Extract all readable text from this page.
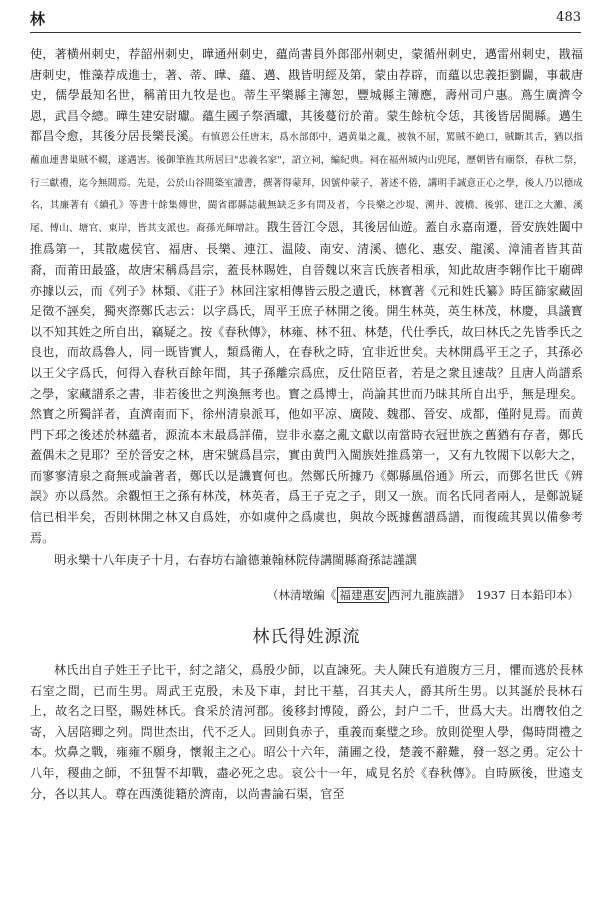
林	483

使，著横州刺史，荐韶州刺史，曄通州刺史，蘊尚書員外郎邵州刺史，蒙循州刺史，邁雷州刺史，戡福唐刺史，惟藻荐成進士，著、蒂、曄、蘊、邁、戡皆明經及第，蒙由荐辟，而蘊以忠義拒劉闢，事載唐史，儒學最知名世，稱莆田九牧是也。蒂生平樂縣主簿恕，豐城縣主簿應，壽州司户惠。蔦生廣濟令恩，武昌令總。曄生建安尉瓛。蘊生國子祭酒瓛，其後蔓衍於莆。蒙生餘杭令恁，其後皆居閩縣。邁生都昌令愈，其後分居長樂長溪。有慎恩公任唐末，爲水部郎中，遇黄巢之亂，被執不屈，罵賊不絶口，賊斷其舌，猶以指蘸血連書巢賊不輟，遂遇害。後御筆旌其所居曰"忠義名家"，詔立祠，編紀典。祠在福州城内山兜尾，歷朝皆有廟祭，春秋二祭，行三獻禮，迄今無間焉。先是，公於山谷間築室讀書，撰著得蒙拜，因號仲蒙子，著述不倦，講明手誠意正心之學，後人乃以德成名，其廉著有《續孔》等書十餘集傳世，閩省郡縣誌載無缺乏多有問及者，今長樂之沙堤、溯井、渡橋、後郭、建江之大灘、溪尾、傅山、塘官、東岸，皆其支派也。裔孫光輝增註。戡生晉江令恩，其後居仙遊。蓋自永嘉南遷，晉安族姓闔中推爲第一，其散處侯官、福唐、長樂、連江、温陵、南安、清溪、德化、惠安、龍溪、漳浦者皆其苗裔，而莆田最盛，故唐宋稱爲昌宗，蓋長林賜姓，自晉魏以來言氏族者相承，知此故唐李翱作比干廟碑亦據以云，而《列子》林類、《莊子》林回注家相傳皆云殷之遺氏，林寳著《元和姓氏纂》時匡篩家藏固足徵不誣矣，獨夾漈鄭氏志云：以字爲氏，周平王庶子林開之後。開生林英，英生林茂，林慶，具議寳以不知其姓之所自出，竊疑之。按《春秋傳》，林雍、林不狃、林楚，代仕季氏，故曰林氏之先皆季氏之良也，而故爲魯人，同一既皆實人，類爲衛人，在春秋之時，宜非近世矣。夫林開爲平王之子，其孫必以王父字爲氏，何得入春秋百餘年間，其子孫離宗爲庶，反仕陪臣者，若是之衆且速哉？且唐人尚譜系之學，家藏譜系之書，非若後世之判渙無考也。寳之爲博士，尚論其世而乃昧其所自出乎，無是理矣。然寳之所獨詳者，直濟南而下，徐州清泉派耳，他如平凉、廣陵、魏郡、晉安、成都，僅附見焉。而黄門下邳之後述於林蘊者，源流本末最爲詳備，豈非永嘉之亂文獻以南當時衣冠世族之舊猶有存者，鄭氏蓋偶未之見耶？至於晉安之林，唐宋號爲昌宗，實由黄門入閩族姓推爲第一，又有九牧閥下以彰大之，而寥寥清泉之裔無或論著者，鄭氏以是譏寳何也。然鄭氏所據乃《鄭縣風俗通》所云，而鄧名世氏《辨誤》亦以爲然。余觀恒王之孫有林茂，林英者，爲王子克之子，則又一族。而名氏同者兩人，是鄭説疑信已相半矣，否則林開之林又自爲姓，亦如虞仲之爲虞也，與故今既據舊譜爲譜，而復疏其異以備參考焉。

明永樂十八年庚子十月，右春坊右諭德兼翰林院侍講閩縣裔孫誌謹譔

（林清墩編《 福建惠安 西河九龍族譜》　1937 日本鉛印本）

林氏得姓源流

林氏出自子姓王子比干，紂之諸父，爲殷少師，以直諫死。夫人陳氏有道腹方三月，懼而逃於長林石室之間，已而生男。周武王克殷，未及下車，封比干墓，召其夫人，爵其所生男。以其誕於長林石上，故名之曰堅，賜姓林氏。食采於清河郡。後移封博陵，爵公，封户二千，世爲大夫。出膺牧伯之寄，入居陪卿之列。問世杰出，代不乏人。回則負赤子，重義而棄璧之珍。放則從聖人學，傷時問禮之本。炊鼻之戰，雍雍不願身，懷報主之心。昭公十六年，蒲圃之役，楚義不辭難，發一怒之勇。定公十八年，稷曲之師，不狃誓不却戰，盡必死之忠。哀公十一年，咸見名於《春秋傳》。自時厥後，世遠支分，各以其人。尊在西漢徙籍於濟南，以尚書論石渠，官至
